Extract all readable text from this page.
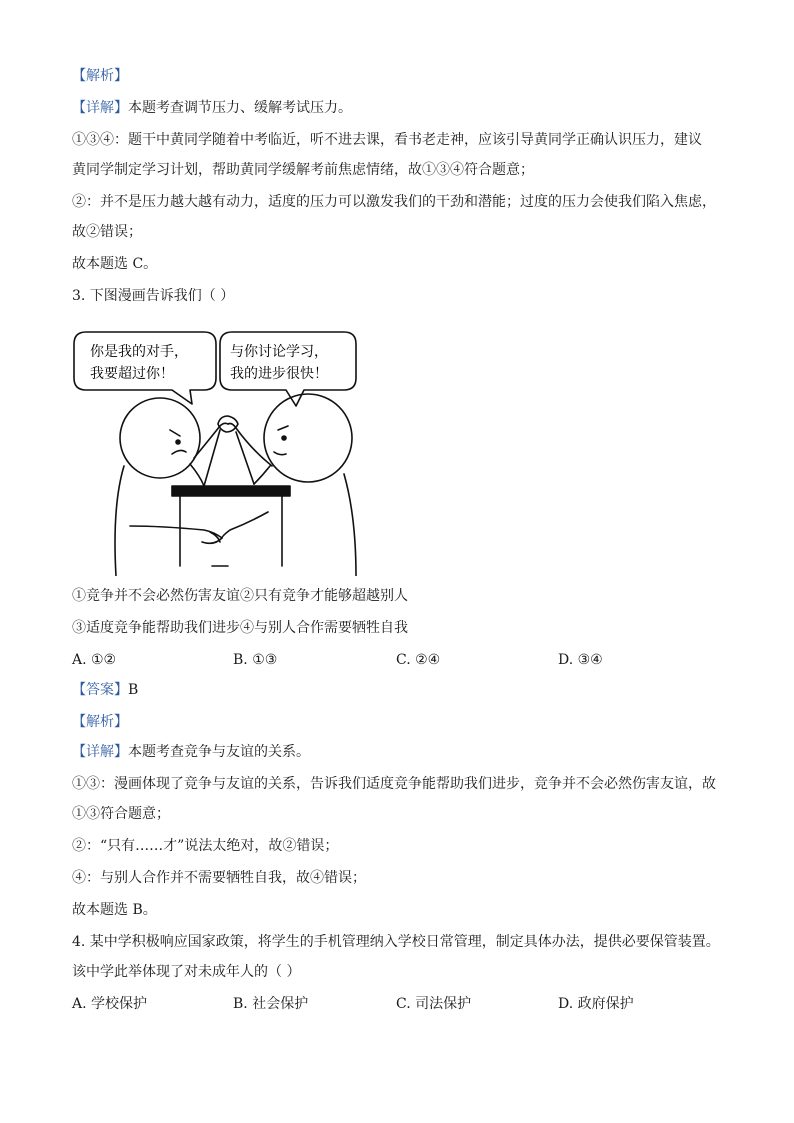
【解析】
【详解】本题考查调节压力、缓解考试压力。
①③④：题干中黄同学随着中考临近，听不进去课，看书老走神，应该引导黄同学正确认识压力，建议
黄同学制定学习计划，帮助黄同学缓解考前焦虑情绪，故①③④符合题意；
②：并不是压力越大越有动力，适度的压力可以激发我们的干劲和潜能；过度的压力会使我们陷入焦虑，
故②错误；
故本题选 C。
3. 下图漫画告诉我们（ ）
你是我的对手，
我要超过你！
与你讨论学习，
我的进步很快！
①竞争并不会必然伤害友谊②只有竞争才能够超越别人
③适度竞争能帮助我们进步④与别人合作需要牺牲自我
A. ①②	B. ①③	C. ②④	D. ③④
【答案】B
【解析】
【详解】本题考查竞争与友谊的关系。
①③：漫画体现了竞争与友谊的关系，告诉我们适度竞争能帮助我们进步，竞争并不会必然伤害友谊，故
①③符合题意；
②：“只有……才”说法太绝对，故②错误；
④：与别人合作并不需要牺牲自我，故④错误；
故本题选 B。
4. 某中学积极响应国家政策，将学生的手机管理纳入学校日常管理，制定具体办法，提供必要保管装置。
该中学此举体现了对未成年人的（ ）
A. 学校保护	B. 社会保护	C. 司法保护	D. 政府保护
